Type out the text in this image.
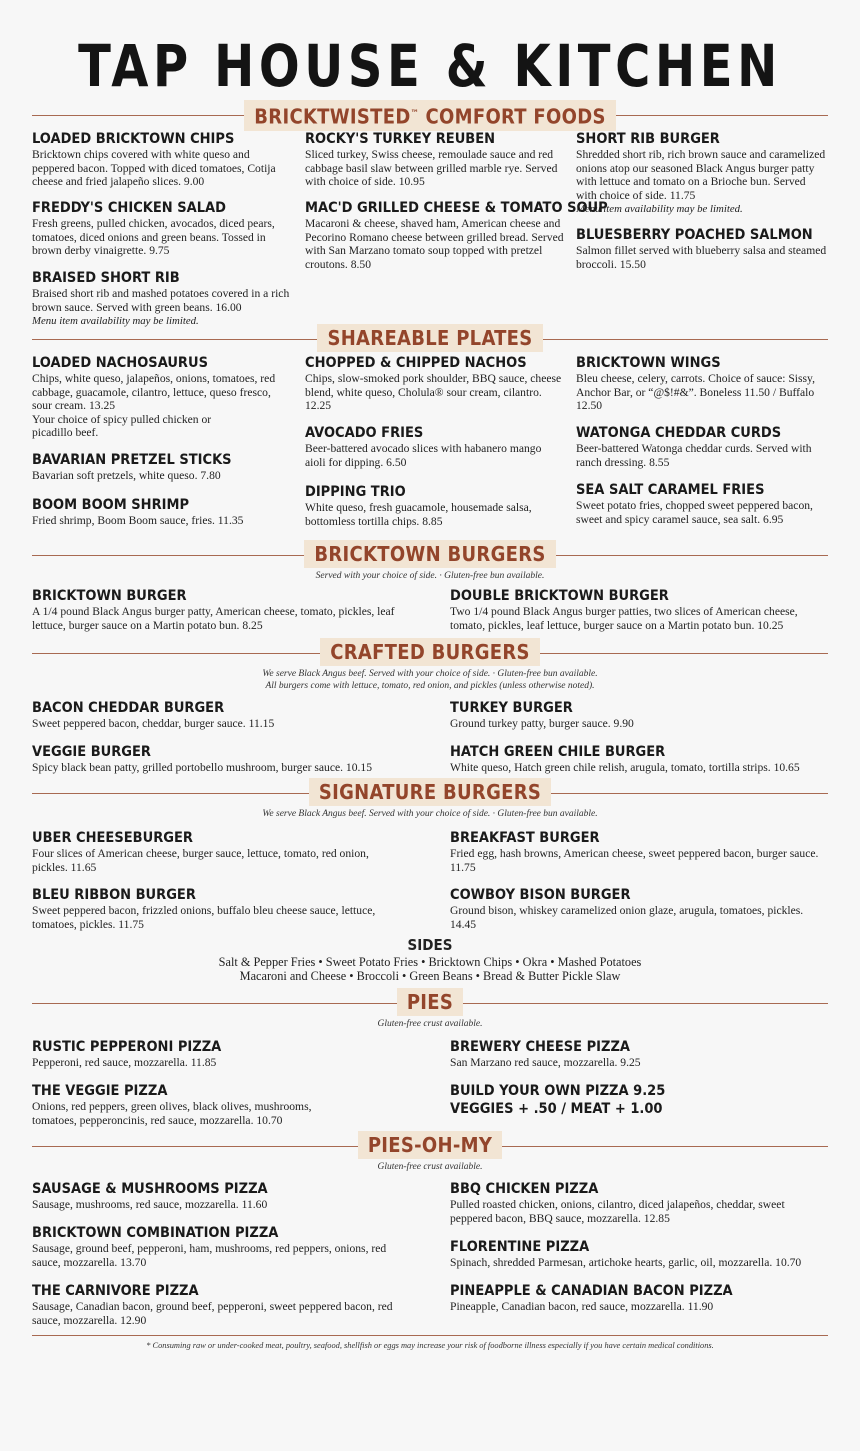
TAP HOUSE & KITCHEN
BRICKTWISTED™ COMFORT FOODS
LOADED BRICKTOWN CHIPS
Bricktown chips covered with white queso and peppered bacon. Topped with diced tomatoes, Cotija cheese and fried jalapeño slices. 9.00
FREDDY'S CHICKEN SALAD
Fresh greens, pulled chicken, avocados, diced pears, tomatoes, diced onions and green beans. Tossed in brown derby vinaigrette. 9.75
BRAISED SHORT RIB
Braised short rib and mashed potatoes covered in a rich brown sauce. Served with green beans. 16.00
Menu item availability may be limited.
ROCKY'S TURKEY REUBEN
Sliced turkey, Swiss cheese, remoulade sauce and red cabbage basil slaw between grilled marble rye. Served with choice of side. 10.95
MAC'D GRILLED CHEESE & TOMATO SOUP
Macaroni & cheese, shaved ham, American cheese and Pecorino Romano cheese between grilled bread. Served with San Marzano tomato soup topped with pretzel croutons. 8.50
SHORT RIB BURGER
Shredded short rib, rich brown sauce and caramelized onions atop our seasoned Black Angus burger patty with lettuce and tomato on a Brioche bun. Served with choice of side. 11.75
Menu item availability may be limited.
BLUESBERRY POACHED SALMON
Salmon fillet served with blueberry salsa and steamed broccoli. 15.50
SHAREABLE PLATES
LOADED NACHOSAURUS
Chips, white queso, jalapeños, onions, tomatoes, red cabbage, guacamole, cilantro, lettuce, queso fresco, sour cream. 13.25
Your choice of spicy pulled chicken or picadillo beef.
BAVARIAN PRETZEL STICKS
Bavarian soft pretzels, white queso. 7.80
BOOM BOOM SHRIMP
Fried shrimp, Boom Boom sauce, fries. 11.35
CHOPPED & CHIPPED NACHOS
Chips, slow-smoked pork shoulder, BBQ sauce, cheese blend, white queso, Cholula® sour cream, cilantro. 12.25
AVOCADO FRIES
Beer-battered avocado slices with habanero mango aioli for dipping. 6.50
DIPPING TRIO
White queso, fresh guacamole, housemade salsa, bottomless tortilla chips. 8.85
BRICKTOWN WINGS
Bleu cheese, celery, carrots. Choice of sauce: Sissy, Anchor Bar, or “@$!#&”. Boneless 11.50 / Buffalo 12.50
WATONGA CHEDDAR CURDS
Beer-battered Watonga cheddar curds. Served with ranch dressing. 8.55
SEA SALT CARAMEL FRIES
Sweet potato fries, chopped sweet peppered bacon, sweet and spicy caramel sauce, sea salt. 6.95
BRICKTOWN BURGERS
Served with your choice of side. · Gluten-free bun available.
BRICKTOWN BURGER
A 1/4 pound Black Angus burger patty, American cheese, tomato, pickles, leaf lettuce, burger sauce on a Martin potato bun. 8.25
DOUBLE BRICKTOWN BURGER
Two 1/4 pound Black Angus burger patties, two slices of American cheese, tomato, pickles, leaf lettuce, burger sauce on a Martin potato bun. 10.25
CRAFTED BURGERS
We serve Black Angus beef. Served with your choice of side. · Gluten-free bun available.
All burgers come with lettuce, tomato, red onion, and pickles (unless otherwise noted).
BACON CHEDDAR BURGER
Sweet peppered bacon, cheddar, burger sauce. 11.15
VEGGIE BURGER
Spicy black bean patty, grilled portobello mushroom, burger sauce. 10.15
TURKEY BURGER
Ground turkey patty, burger sauce. 9.90
HATCH GREEN CHILE BURGER
White queso, Hatch green chile relish, arugula, tomato, tortilla strips. 10.65
SIGNATURE BURGERS
We serve Black Angus beef. Served with your choice of side. · Gluten-free bun available.
UBER CHEESEBURGER
Four slices of American cheese, burger sauce, lettuce, tomato, red onion, pickles. 11.65
BLEU RIBBON BURGER
Sweet peppered bacon, frizzled onions, buffalo bleu cheese sauce, lettuce, tomatoes, pickles. 11.75
BREAKFAST BURGER
Fried egg, hash browns, American cheese, sweet peppered bacon, burger sauce. 11.75
COWBOY BISON BURGER
Ground bison, whiskey caramelized onion glaze, arugula, tomatoes, pickles. 14.45
SIDES
Salt & Pepper Fries • Sweet Potato Fries • Bricktown Chips • Okra • Mashed Potatoes
Macaroni and Cheese • Broccoli • Green Beans • Bread & Butter Pickle Slaw
PIES
Gluten-free crust available.
RUSTIC PEPPERONI PIZZA
Pepperoni, red sauce, mozzarella. 11.85
THE VEGGIE PIZZA
Onions, red peppers, green olives, black olives, mushrooms, tomatoes, pepperoncinis, red sauce, mozzarella. 10.70
BREWERY CHEESE PIZZA
San Marzano red sauce, mozzarella. 9.25
BUILD YOUR OWN PIZZA 9.25
VEGGIES + .50 / MEAT + 1.00
PIES-OH-MY
Gluten-free crust available.
SAUSAGE & MUSHROOMS PIZZA
Sausage, mushrooms, red sauce, mozzarella. 11.60
BRICKTOWN COMBINATION PIZZA
Sausage, ground beef, pepperoni, ham, mushrooms, red peppers, onions, red sauce, mozzarella. 13.70
THE CARNIVORE PIZZA
Sausage, Canadian bacon, ground beef, pepperoni, sweet peppered bacon, red sauce, mozzarella. 12.90
BBQ CHICKEN PIZZA
Pulled roasted chicken, onions, cilantro, diced jalapeños, cheddar, sweet peppered bacon, BBQ sauce, mozzarella. 12.85
FLORENTINE PIZZA
Spinach, shredded Parmesan, artichoke hearts, garlic, oil, mozzarella. 10.70
PINEAPPLE & CANADIAN BACON PIZZA
Pineapple, Canadian bacon, red sauce, mozzarella. 11.90
* Consuming raw or under-cooked meat, poultry, seafood, shellfish or eggs may increase your risk of foodborne illness especially if you have certain medical conditions.
